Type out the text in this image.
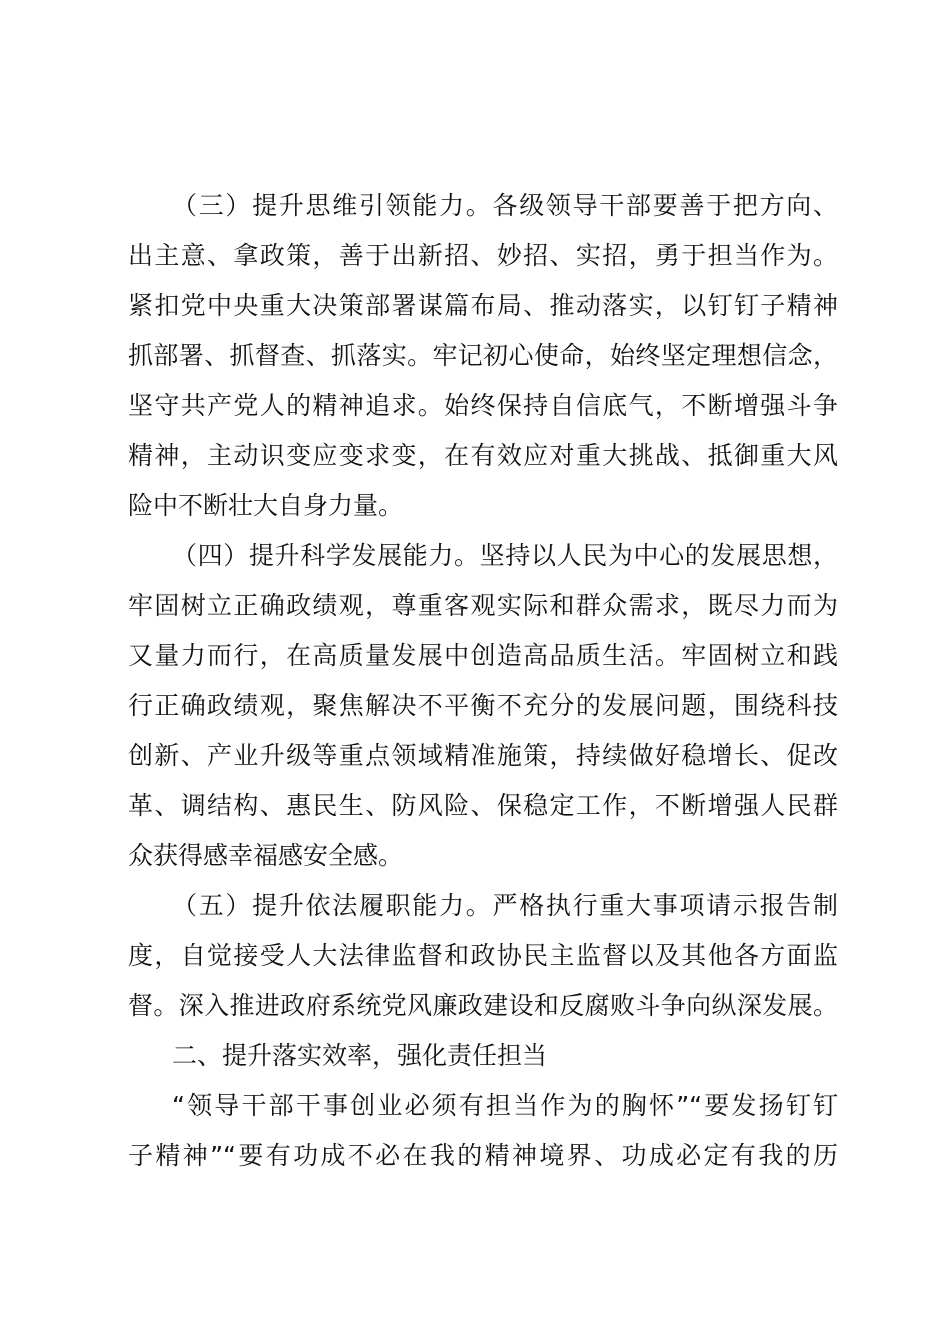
（三）提升思维引领能力。各级领导干部要善于把方向、
出主意、拿政策，善于出新招、妙招、实招，勇于担当作为。
紧扣党中央重大决策部署谋篇布局、推动落实，以钉钉子精神
抓部署、抓督查、抓落实。牢记初心使命，始终坚定理想信念，
坚守共产党人的精神追求。始终保持自信底气，不断增强斗争
精神，主动识变应变求变，在有效应对重大挑战、抵御重大风
险中不断壮大自身力量。
（四）提升科学发展能力。坚持以人民为中心的发展思想，
牢固树立正确政绩观，尊重客观实际和群众需求，既尽力而为
又量力而行，在高质量发展中创造高品质生活。牢固树立和践
行正确政绩观，聚焦解决不平衡不充分的发展问题，围绕科技
创新、产业升级等重点领域精准施策，持续做好稳增长、促改
革、调结构、惠民生、防风险、保稳定工作，不断增强人民群
众获得感幸福感安全感。
（五）提升依法履职能力。严格执行重大事项请示报告制
度，自觉接受人大法律监督和政协民主监督以及其他各方面监
督。深入推进政府系统党风廉政建设和反腐败斗争向纵深发展。
二、提升落实效率，强化责任担当
“领导干部干事创业必须有担当作为的胸怀”“要发扬钉钉
子精神”“要有功成不必在我的精神境界、功成必定有我的历
